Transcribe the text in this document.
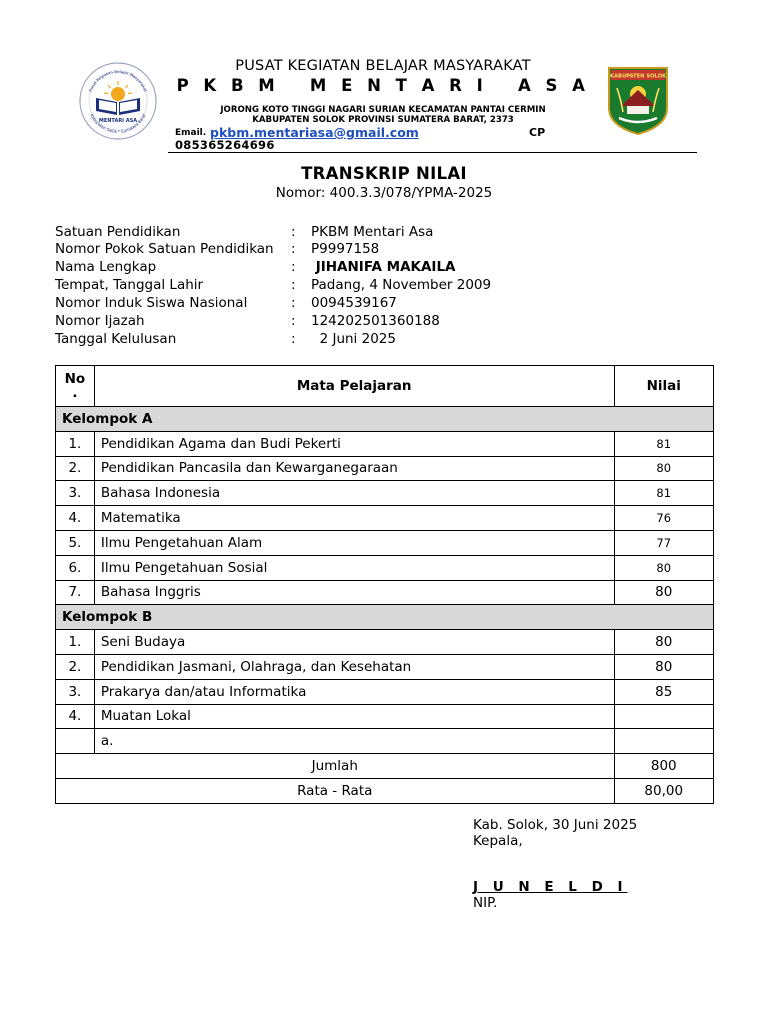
MENTARI ASA
Pusat Kegiatan Belajar Masyarakat
Kabupaten Solok * Sumatera Barat
KABUPATEN SOLOK
PUSAT KEGIATAN BELAJAR MASYARAKAT
P K B M   M E N T A R I   A S A
JORONG KOTO TINGGI NAGARI SURIAN KECAMATAN PANTAI CERMIN
KABUPATEN SOLOK PROVINSI SUMATERA BARAT, 2373
Email. pkbm.mentariasa@gmail.com	CP
085365264696
TRANSKRIP NILAI
Nomor: 400.3.3/078/YPMA-2025
Satuan Pendidikan	: PKBM Mentari Asa
Nomor Pokok Satuan Pendidikan : P9997158
Nama Lengkap	: JIHANIFA MAKAILA
Tempat, Tanggal Lahir	: Padang, 4 November 2009
Nomor Induk Siswa Nasional	: 0094539167
Nomor Ijazah	: 124202501360188
Tanggal Kelulusan	: 2 Juni 2025
No
.	Mata Pelajaran	Nilai
Kelompok A		
1.	Pendidikan Agama dan Budi Pekerti	81
2.	Pendidikan Pancasila dan Kewarganegaraan	80
3.	Bahasa Indonesia	81
4.	Matematika	76
5.	Ilmu Pengetahuan Alam	77
6.	Ilmu Pengetahuan Sosial	80
7.	Bahasa Inggris	80
Kelompok B		
1.	Seni Budaya	80
2.	Pendidikan Jasmani, Olahraga, dan Kesehatan	80
3.	Prakarya dan/atau Informatika	85
4.	Muatan Lokal	
	a.	
Jumlah		800
Rata - Rata		80,00
Kab. Solok, 30 Juni 2025
Kepala,
J U N E L D I
NIP.
